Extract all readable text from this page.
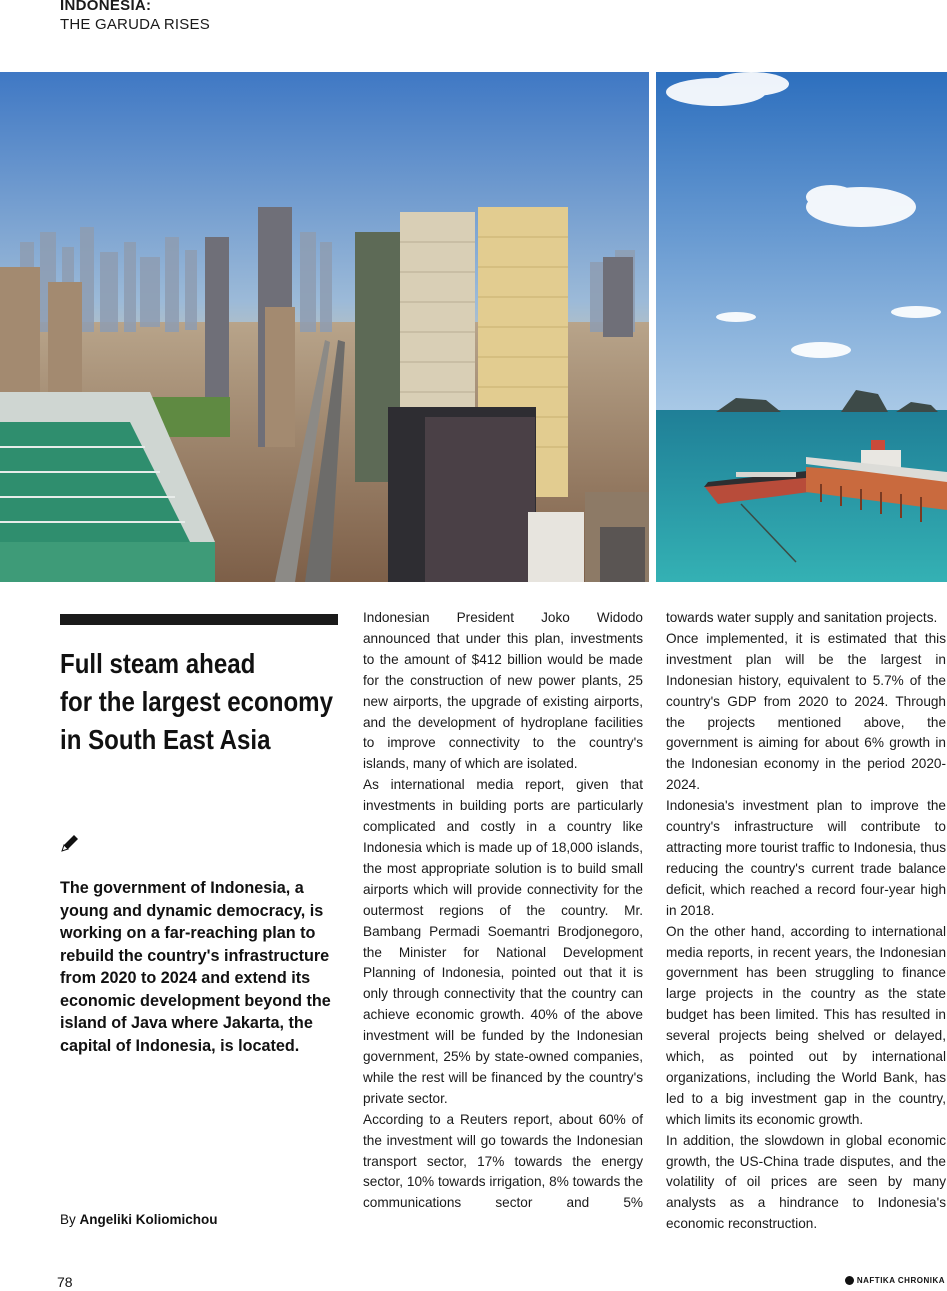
INDONESIA:
THE GARUDA RISES
Full steam ahead
for the largest economy
in South East Asia
The government of Indonesia, a young and dynamic democracy, is working on a far-reaching plan to rebuild the country's infrastructure from 2020 to 2024 and extend its economic development beyond the island of Java where Jakarta, the capital of Indonesia, is located.
By Angeliki Koliomichou

Indonesian President Joko Widodo announced that under this plan, investments to the amount of $412 billion would be made for the construction of new power plants, 25 new airports, the upgrade of existing airports, and the development of hydroplane facilities to improve connectivity to the country's islands, many of which are isolated.

As international media report, given that investments in building ports are particularly complicated and costly in a country like Indonesia which is made up of 18,000 islands, the most appropriate solution is to build small airports which will provide connectivity for the outermost regions of the country. Mr. Bambang Permadi Soemantri Brodjonegoro, the Minister for National Development Planning of Indonesia, pointed out that it is only through connectivity that the country can achieve economic growth. 40% of the above investment will be funded by the Indonesian government, 25% by state-owned companies, while the rest will be financed by the country's private sector.

According to a Reuters report, about 60% of the investment will go towards the Indonesian transport sector, 17% towards the energy sector, 10% towards irrigation, 8% towards the communications sector and 5%

towards water supply and sanitation projects.

Once implemented, it is estimated that this investment plan will be the largest in Indonesian history, equivalent to 5.7% of the country's GDP from 2020 to 2024. Through the projects mentioned above, the government is aiming for about 6% growth in the Indonesian economy in the period 2020-2024.

Indonesia's investment plan to improve the country's infrastructure will contribute to attracting more tourist traffic to Indonesia, thus reducing the country's current trade balance deficit, which reached a record four-year high in 2018.

On the other hand, according to international media reports, in recent years, the Indonesian government has been struggling to finance large projects in the country as the state budget has been limited. This has resulted in several projects being shelved or delayed, which, as pointed out by international organizations, including the World Bank, has led to a big investment gap in the country, which limits its economic growth.

In addition, the slowdown in global economic growth, the US-China trade disputes, and the volatility of oil prices are seen by many analysts as a hindrance to Indonesia's economic reconstruction.

78	NAFTIKA CHRONIKA
